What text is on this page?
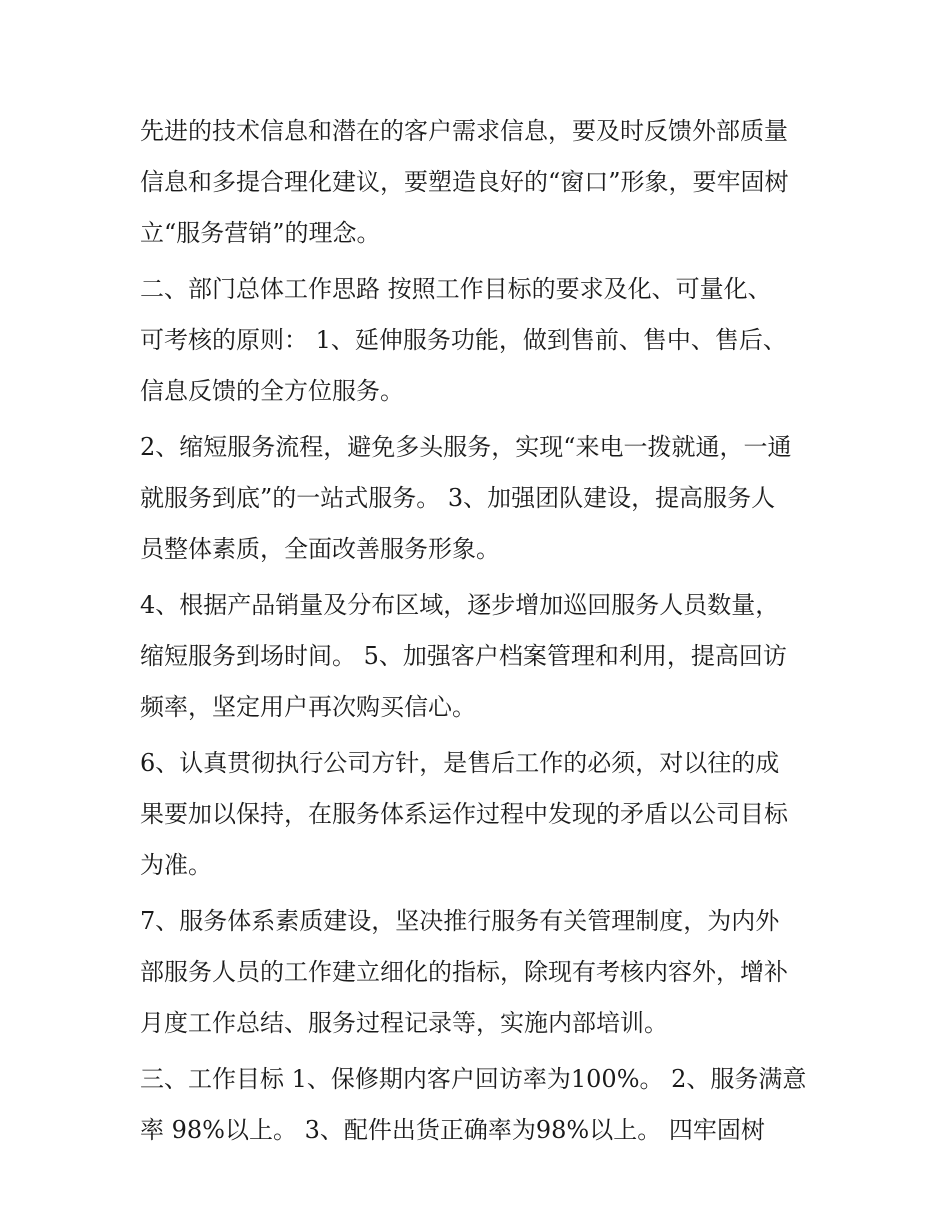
先进的技术信息和潜在的客户需求信息，要及时反馈外部质量
信息和多提合理化建议，要塑造良好的“窗口”形象，要牢固树
立“服务营销”的理念。

二、部门总体工作思路 按照工作目标的要求及化、可量化、
可考核的原则： 1、延伸服务功能，做到售前、售中、售后、
信息反馈的全方位服务。

2、缩短服务流程，避免多头服务，实现“来电一拨就通，一通
就服务到底”的一站式服务。 3、加强团队建设，提高服务人
员整体素质，全面改善服务形象。

4、根据产品销量及分布区域，逐步增加巡回服务人员数量，
缩短服务到场时间。 5、加强客户档案管理和利用，提高回访
频率，坚定用户再次购买信心。

6、认真贯彻执行公司方针，是售后工作的必须，对以往的成
果要加以保持，在服务体系运作过程中发现的矛盾以公司目标
为准。

7、服务体系素质建设，坚决推行服务有关管理制度，为内外
部服务人员的工作建立细化的指标，除现有考核内容外，增补
月度工作总结、服务过程记录等，实施内部培训。

三、工作目标 1、保修期内客户回访率为100%。 2、服务满意
率 98%以上。 3、配件出货正确率为98%以上。 四牢固树
